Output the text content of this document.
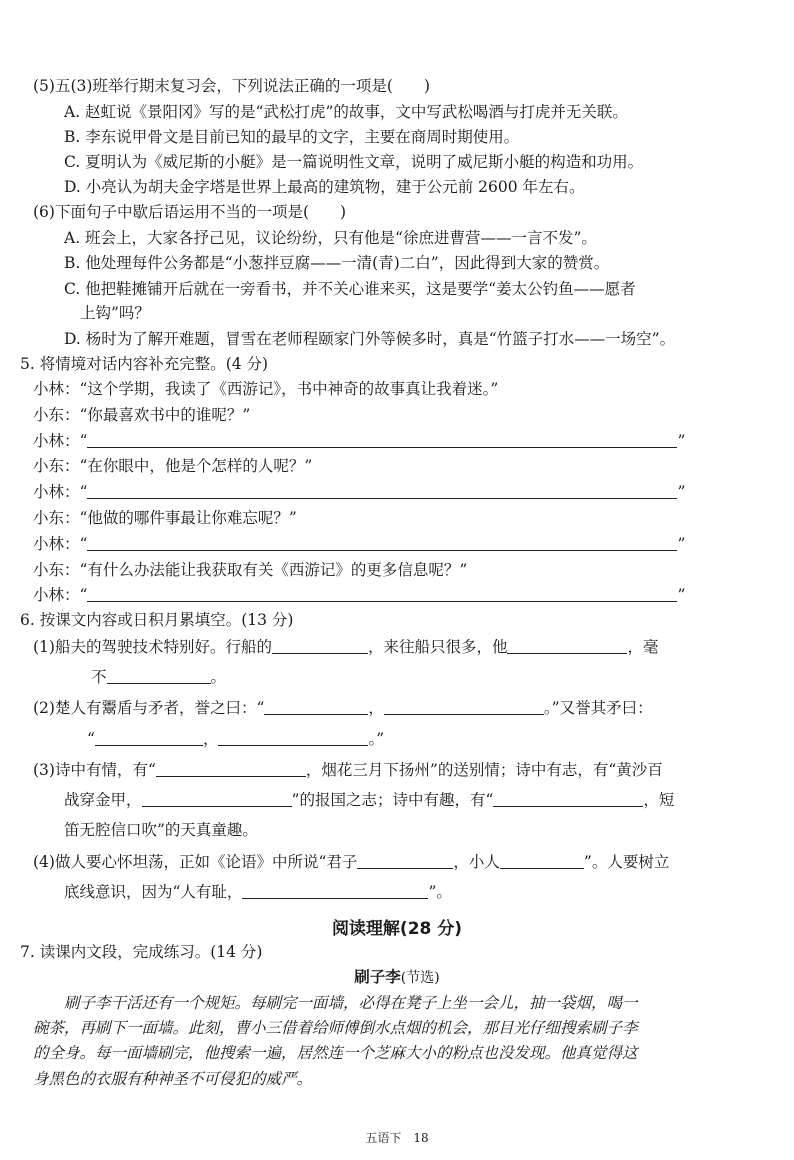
(5)五(3)班举行期末复习会，下列说法正确的一项是(　　)
A. 赵虹说《景阳冈》写的是“武松打虎”的故事，文中写武松喝酒与打虎并无关联。
B. 李东说甲骨文是目前已知的最早的文字，主要在商周时期使用。
C. 夏明认为《威尼斯的小艇》是一篇说明性文章，说明了威尼斯小艇的构造和功用。
D. 小亮认为胡夫金字塔是世界上最高的建筑物，建于公元前 2600 年左右。
(6)下面句子中歇后语运用不当的一项是(　　)
A. 班会上，大家各抒己见，议论纷纷，只有他是“徐庶进曹营——一言不发”。
B. 他处理每件公务都是“小葱拌豆腐——一清(青)二白”，因此得到大家的赞赏。
C. 他把鞋摊铺开后就在一旁看书，并不关心谁来买，这是要学“姜太公钓鱼——愿者
上钩”吗？
D. 杨时为了解开难题，冒雪在老师程颐家门外等候多时，真是“竹篮子打水——一场空”。
5. 将情境对话内容补充完整。(4 分)
小林：“这个学期，我读了《西游记》，书中神奇的故事真让我着迷。”
小东：“你最喜欢书中的谁呢？”
小林：“	”
小东：“在你眼中，他是个怎样的人呢？”
小林：“	”
小东：“他做的哪件事最让你难忘呢？”
小林：“	”
小东：“有什么办法能让我获取有关《西游记》的更多信息呢？”
小林：“	”
6. 按课文内容或日积月累填空。(13 分)
(1)船夫的驾驶技术特别好。行船的	，来往船只很多，他	，毫
不	。
(2)楚人有鬻盾与矛者，誉之曰：“	，	。”又誉其矛曰：
“	，	。”
(3)诗中有情，有“	，烟花三月下扬州”的送别情；诗中有志，有“黄沙百
战穿金甲，	”的报国之志；诗中有趣，有“	，短
笛无腔信口吹”的天真童趣。
(4)做人要心怀坦荡，正如《论语》中所说“君子	，小人	”。人要树立
底线意识，因为“人有耻，	”。
阅读理解(28 分)
7. 读课内文段，完成练习。(14 分)
刷子李(节选)
刷子李干活还有一个规矩。每刷完一面墙，必得在凳子上坐一会儿，抽一袋烟，喝一
碗茶，再刷下一面墙。此刻，曹小三借着给师傅倒水点烟的机会，那目光仔细搜索刷子李
的全身。每一面墙刷完，他搜索一遍，居然连一个芝麻大小的粉点也没发现。他真觉得这
身黑色的衣服有种神圣不可侵犯的威严。
五语下　18
